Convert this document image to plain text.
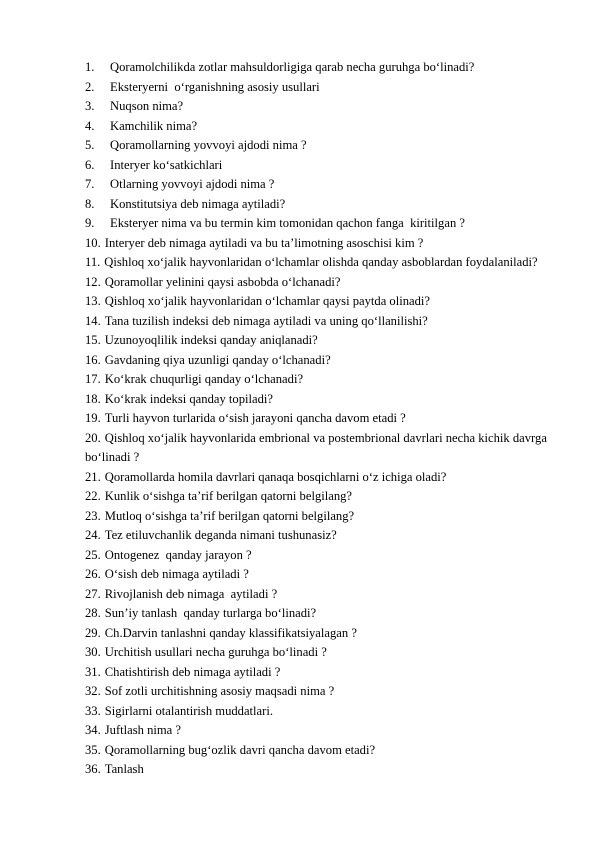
1. Qoramolchilikda zotlar mahsuldorligiga qarab necha guruhga bo‘linadi?
2. Eksteryerni  o‘rganishning asosiy usullari
3. Nuqson nima?
4. Kamchilik nima?
5. Qoramollarning yovvoyi ajdodi nima ?
6. Interyer ko‘satkichlari
7. Otlarning yovvoyi ajdodi nima ?
8. Konstitutsiya deb nimaga aytiladi?
9. Eksteryer nima va bu termin kim tomonidan qachon fanga  kiritilgan ?
10. Interyer deb nimaga aytiladi va bu ta’limotning asoschisi kim ?
11. Qishloq xo‘jalik hayvonlaridan o‘lchamlar olishda qanday asboblardan foydalaniladi?
12. Qoramollar yelinini qaysi asbobda o‘lchanadi?
13. Qishloq xo‘jalik hayvonlaridan o‘lchamlar qaysi paytda olinadi?
14. Tana tuzilish indeksi deb nimaga aytiladi va uning qo‘llanilishi?
15. Uzunoyoqlilik indeksi qanday aniqlanadi?
16. Gavdaning qiya uzunligi qanday o‘lchanadi?
17. Ko‘krak chuqurligi qanday o‘lchanadi?
18. Ko‘krak indeksi qanday topiladi?
19. Turli hayvon turlarida o‘sish jarayoni qancha davom etadi ?
20. Qishloq xo‘jalik hayvonlarida embrional va postembrional davrlari necha kichik davrga bo‘linadi ?
21. Qoramollarda homila davrlari qanaqa bosqichlarni o‘z ichiga oladi?
22. Kunlik o‘sishga ta’rif berilgan qatorni belgilang?
23. Mutloq o‘sishga ta’rif berilgan qatorni belgilang?
24. Tez etiluvchanlik deganda nimani tushunasiz?
25. Ontogenez  qanday jarayon ?
26. O‘sish deb nimaga aytiladi ?
27. Rivojlanish deb nimaga  aytiladi ?
28. Sun’iy tanlash  qanday turlarga bo‘linadi?
29. Ch.Darvin tanlashni qanday klassifikatsiyalagan ?
30. Urchitish usullari necha guruhga bo‘linadi ?
31. Chatishtirish deb nimaga aytiladi ?
32. Sof zotli urchitishning asosiy maqsadi nima ?
33. Sigirlarni otalantirish muddatlari.
34. Juftlash nima ?
35. Qoramollarning bug‘ozlik davri qancha davom etadi?
36. Tanlash
